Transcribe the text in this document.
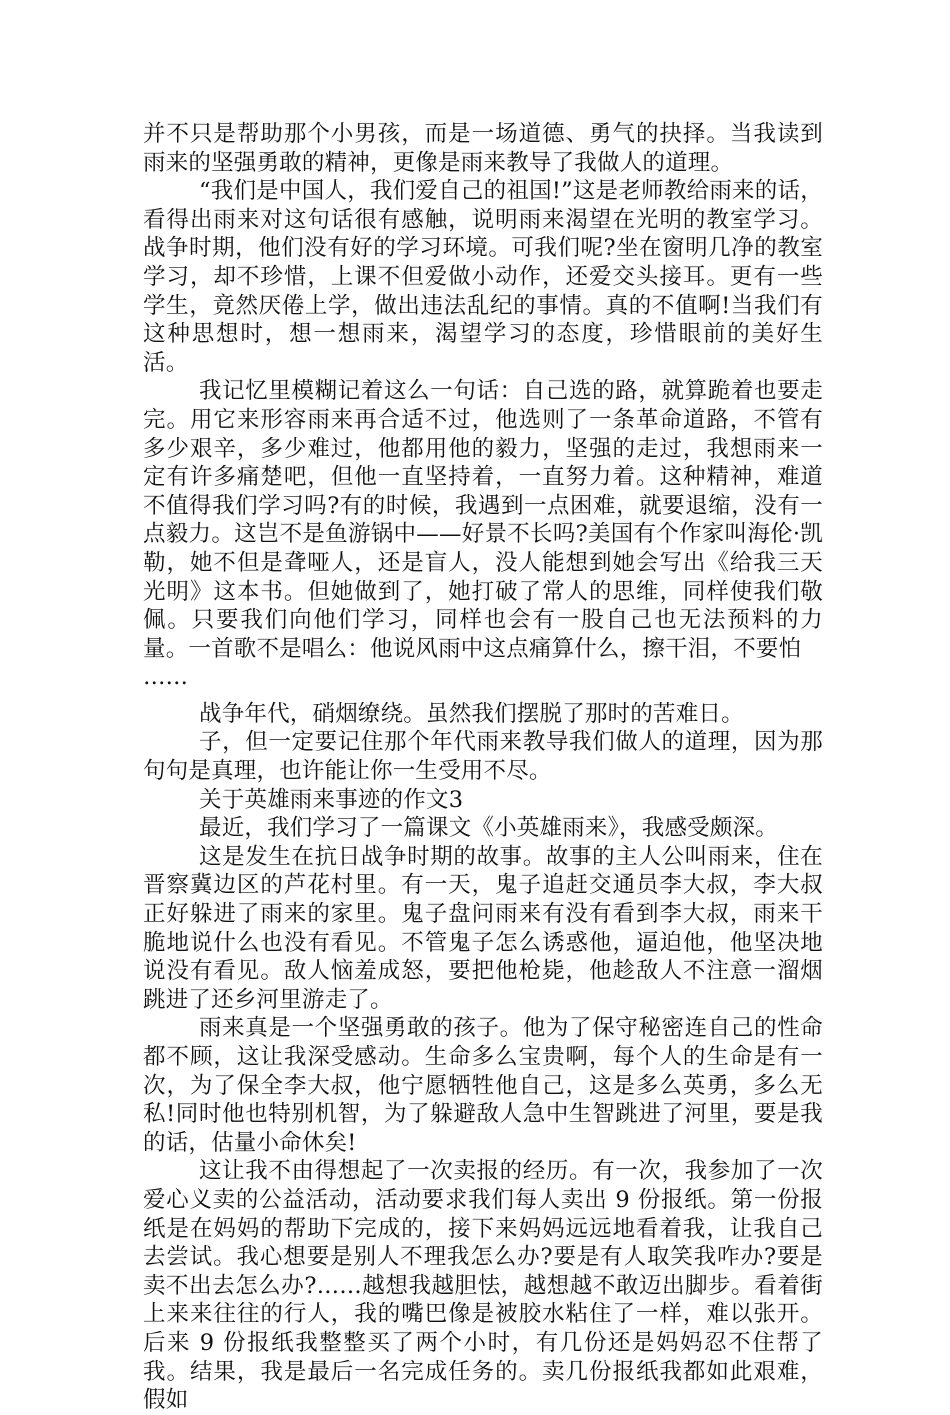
并不只是帮助那个小男孩，而是一场道德、勇气的抉择。当我读到雨来的坚强勇敢的精神，更像是雨来教导了我做人的道理。

“我们是中国人，我们爱自己的祖国!”这是老师教给雨来的话，看得出雨来对这句话很有感触，说明雨来渴望在光明的教室学习。战争时期，他们没有好的学习环境。可我们呢?坐在窗明几净的教室学习，却不珍惜，上课不但爱做小动作，还爱交头接耳。更有一些学生，竟然厌倦上学，做出违法乱纪的事情。真的不值啊!当我们有这种思想时，想一想雨来，渴望学习的态度，珍惜眼前的美好生活。

我记忆里模糊记着这么一句话：自己选的路，就算跪着也要走完。用它来形容雨来再合适不过，他选则了一条革命道路，不管有多少艰辛，多少难过，他都用他的毅力，坚强的走过，我想雨来一定有许多痛楚吧，但他一直坚持着，一直努力着。这种精神，难道不值得我们学习吗?有的时候，我遇到一点困难，就要退缩，没有一点毅力。这岂不是鱼游锅中——好景不长吗?美国有个作家叫海伦·凯勒，她不但是聋哑人，还是盲人，没人能想到她会写出《给我三天光明》这本书。但她做到了，她打破了常人的思维，同样使我们敬佩。只要我们向他们学习，同样也会有一股自己也无法预料的力量。一首歌不是唱么：他说风雨中这点痛算什么，擦干泪，不要怕

……

战争年代，硝烟缭绕。虽然我们摆脱了那时的苦难日。

子，但一定要记住那个年代雨来教导我们做人的道理，因为那句句是真理，也许能让你一生受用不尽。

关于英雄雨来事迹的作文3

最近，我们学习了一篇课文《小英雄雨来》，我感受颇深。

这是发生在抗日战争时期的故事。故事的主人公叫雨来，住在晋察冀边区的芦花村里。有一天，鬼子追赶交通员李大叔，李大叔正好躲进了雨来的家里。鬼子盘问雨来有没有看到李大叔，雨来干脆地说什么也没有看见。不管鬼子怎么诱惑他，逼迫他，他坚决地说没有看见。敌人恼羞成怒，要把他枪毙，他趁敌人不注意一溜烟跳进了还乡河里游走了。

雨来真是一个坚强勇敢的孩子。他为了保守秘密连自己的性命都不顾，这让我深受感动。生命多么宝贵啊，每个人的生命是有一次，为了保全李大叔，他宁愿牺牲他自己，这是多么英勇，多么无私!同时他也特别机智，为了躲避敌人急中生智跳进了河里，要是我的话，估量小命休矣!

这让我不由得想起了一次卖报的经历。有一次，我参加了一次爱心义卖的公益活动，活动要求我们每人卖出 9 份报纸。第一份报纸是在妈妈的帮助下完成的，接下来妈妈远远地看着我，让我自己去尝试。我心想要是别人不理我怎么办?要是有人取笑我咋办?要是卖不出去怎么办?……越想我越胆怯，越想越不敢迈出脚步。看着街上来来往往的行人，我的嘴巴像是被胶水粘住了一样，难以张开。后来 9 份报纸我整整买了两个小时，有几份还是妈妈忍不住帮了我。结果，我是最后一名完成任务的。卖几份报纸我都如此艰难，假如
